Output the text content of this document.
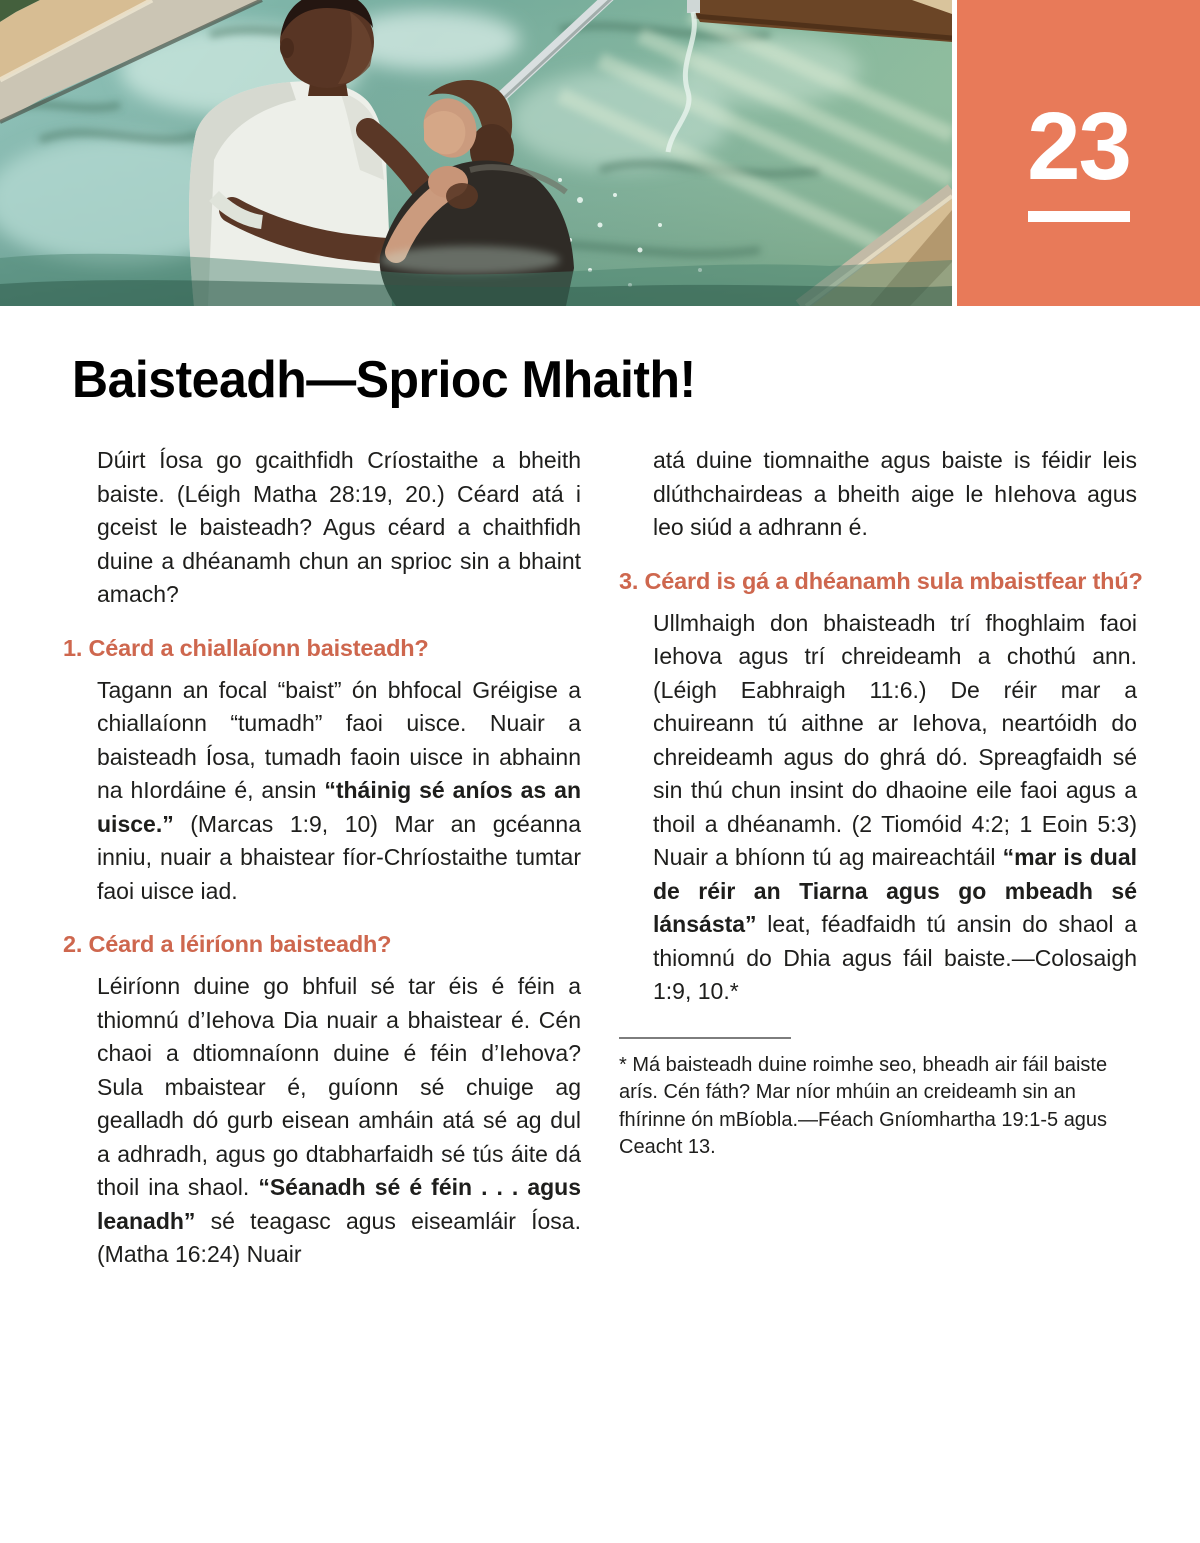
23
Baisteadh—Sprioc Mhaith!

Dúirt Íosa go gcaithfidh Críostaithe a bheith baiste. (Léigh Matha 28:19, 20.) Céard atá i gceist le baisteadh? Agus céard a chaithfidh duine a dhéanamh chun an sprioc sin a bhaint amach?

1. Céard a chiallaíonn baisteadh?

Tagann an focal “baist” ón bhfocal Gréigise a chiallaíonn “tumadh” faoi uisce. Nuair a baisteadh Íosa, tumadh faoin uisce in abhainn na hIordáine é, ansin “tháinig sé aníos as an uisce.” (Marcas 1:9, 10) Mar an gcéanna inniu, nuair a bhaistear fíor-Chríostaithe tumtar faoi uisce iad.

2. Céard a léiríonn baisteadh?

Léiríonn duine go bhfuil sé tar éis é féin a thiomnú d’Iehova Dia nuair a bhaistear é. Cén chaoi a dtiomnaíonn duine é féin d’Iehova? Sula mbaistear é, guíonn sé chuige ag gealladh dó gurb eisean amháin atá sé ag dul a adhradh, agus go dtabharfaidh sé tús áite dá thoil ina shaol. “Séanadh sé é féin . . . agus leanadh” sé teagasc agus eiseamláir Íosa. (Matha 16:24) Nuair

atá duine tiomnaithe agus baiste is féidir leis dlúthchairdeas a bheith aige le hIehova agus leo siúd a adhrann é.

3. Céard is gá a dhéanamh sula mbaistfear thú?

Ullmhaigh don bhaisteadh trí fhoghlaim faoi Iehova agus trí chreideamh a chothú ann. (Léigh Eabhraigh 11:6.) De réir mar a chuireann tú aithne ar Iehova, neartóidh do chreideamh agus do ghrá dó. Spreagfaidh sé sin thú chun insint do dhaoine eile faoi agus a thoil a dhéanamh. (2 Tiomóid 4:2; 1 Eoin 5:3) Nuair a bhíonn tú ag maireachtáil “mar is dual de réir an Tiarna agus go mbeadh sé lánsásta” leat, féadfaidh tú ansin do shaol a thiomnú do Dhia agus fáil baiste.—Colosaigh 1:9, 10.*

* Má baisteadh duine roimhe seo, bheadh air fáil baiste arís. Cén fáth? Mar níor mhúin an creideamh sin an fhírinne ón mBíobla.—Féach Gníomhartha 19:1-5 agus Ceacht 13.
